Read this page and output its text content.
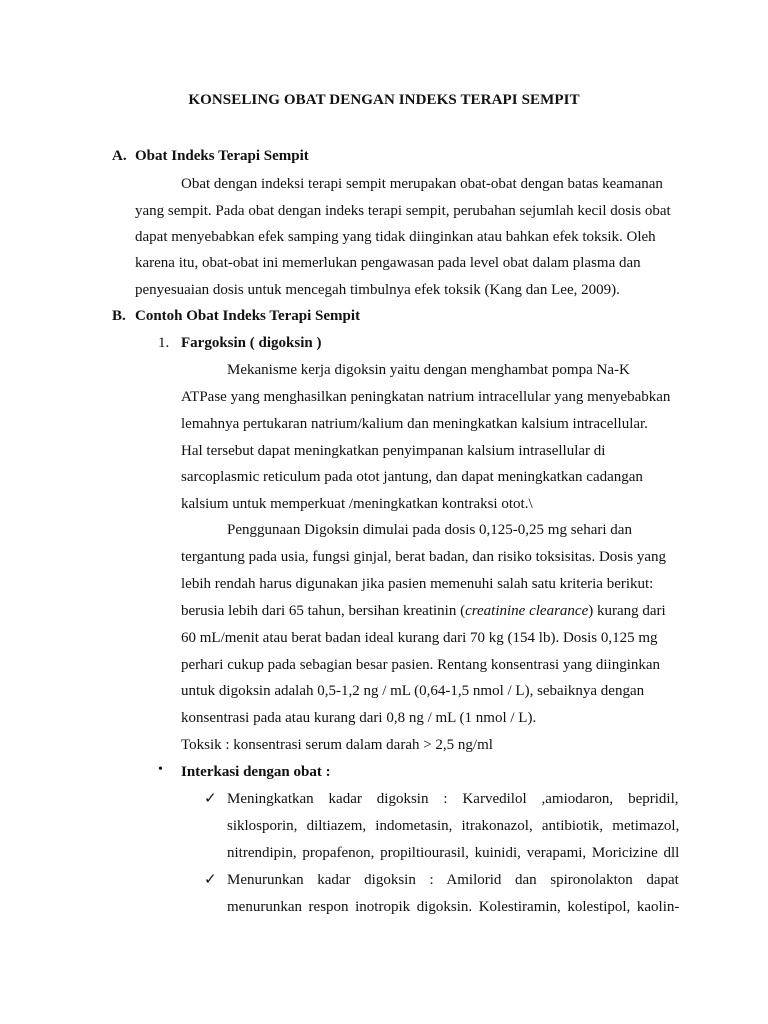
KONSELING OBAT DENGAN INDEKS TERAPI SEMPIT
A. Obat Indeks Terapi Sempit
Obat dengan indeksi terapi sempit merupakan obat-obat dengan batas keamanan
yang sempit. Pada obat dengan indeks terapi sempit, perubahan sejumlah kecil dosis obat
dapat menyebabkan efek samping yang tidak diinginkan atau bahkan efek toksik. Oleh
karena itu, obat-obat ini memerlukan pengawasan pada level obat dalam plasma dan
penyesuaian dosis untuk mencegah timbulnya efek toksik (Kang dan Lee, 2009).
B. Contoh Obat Indeks Terapi Sempit
1. Fargoksin ( digoksin )
Mekanisme kerja digoksin yaitu dengan menghambat pompa Na-K
ATPase yang menghasilkan peningkatan natrium intracellular yang menyebabkan
lemahnya pertukaran natrium/kalium dan meningkatkan kalsium intracellular.
Hal tersebut dapat meningkatkan penyimpanan kalsium intrasellular di
sarcoplasmic reticulum pada otot jantung, dan dapat meningkatkan cadangan
kalsium untuk memperkuat /meningkatkan kontraksi otot.\
Penggunaan Digoksin dimulai pada dosis 0,125-0,25 mg sehari dan
tergantung pada usia, fungsi ginjal, berat badan, dan risiko toksisitas. Dosis yang
lebih rendah harus digunakan jika pasien memenuhi salah satu kriteria berikut:
berusia lebih dari 65 tahun, bersihan kreatinin (creatinine clearance) kurang dari
60 mL/menit atau berat badan ideal kurang dari 70 kg (154 lb). Dosis 0,125 mg
perhari cukup pada sebagian besar pasien. Rentang konsentrasi yang diinginkan
untuk digoksin adalah 0,5-1,2 ng / mL (0,64-1,5 nmol / L), sebaiknya dengan
konsentrasi pada atau kurang dari 0,8 ng / mL (1 nmol / L).
Toksik : konsentrasi serum dalam darah > 2,5 ng/ml
• Interkasi dengan obat :
✓ Meningkatkan kadar digoksin : Karvedilol ,amiodaron, bepridil,
siklosporin, diltiazem, indometasin, itrakonazol, antibiotik, metimazol,
nitrendipin, propafenon, propiltiourasil, kuinidi, verapami, Moricizine dll
✓ Menurunkan kadar digoksin : Amilorid dan spironolakton dapat
menurunkan respon inotropik digoksin. Kolestiramin, kolestipol, kaolin-
